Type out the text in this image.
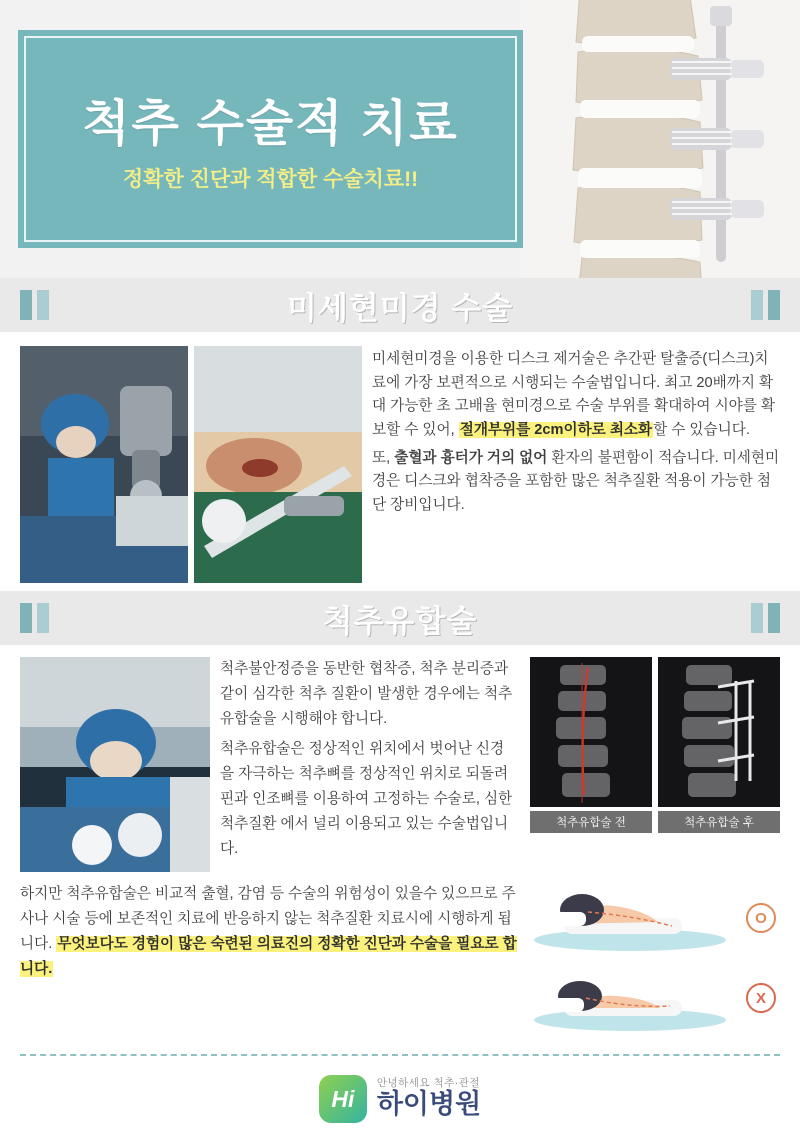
척추 수술적 치료

정확한 진단과 적합한 수술치료!!

미세현미경 수술

미세현미경을 이용한 디스크 제거술은 추간판 탈출증(디스크)치료에 가장 보편적으로 시행되는 수술법입니다. 최고 20배까지 확대 가능한 초 고배율 현미경으로 수술 부위를 확대하여 시야를 확보할 수 있어, 절개부위를 2cm이하로 최소화할 수 있습니다.

또, 출혈과 흉터가 거의 없어 환자의 불편함이 적습니다. 미세현미경은 디스크와 협착증을 포함한 많은 척추질환 적용이 가능한 첨단 장비입니다.

척추유합술

척추불안정증을 동반한 협착증, 척추 분리증과 같이 심각한 척추 질환이 발생한 경우에는 척추 유합술을 시행해야 합니다.

척추유합술은 정상적인 위치에서 벗어난 신경 을 자극하는 척추뼈를 정상적인 위치로 되돌려 핀과 인조뼈를 이용하여 고정하는 수술로, 심한 척추질환 에서 널리 이용되고 있는 수술법입니다.

척추유합술 전	척추유합술 후

하지만 척추유합술은 비교적 출혈, 감염 등 수술의 위험성이 있을수 있으므로 주사나 시술 등에 보존적인 치료에 반응하지 않는 척추질환 치료시에 시행하게 됩니다. 무엇보다도 경험이 많은 숙련된 의료진의 정확한 진단과 수술을 필요로 합니다.

O
X
Hi
안녕하세요 척추·관절
하이병원
